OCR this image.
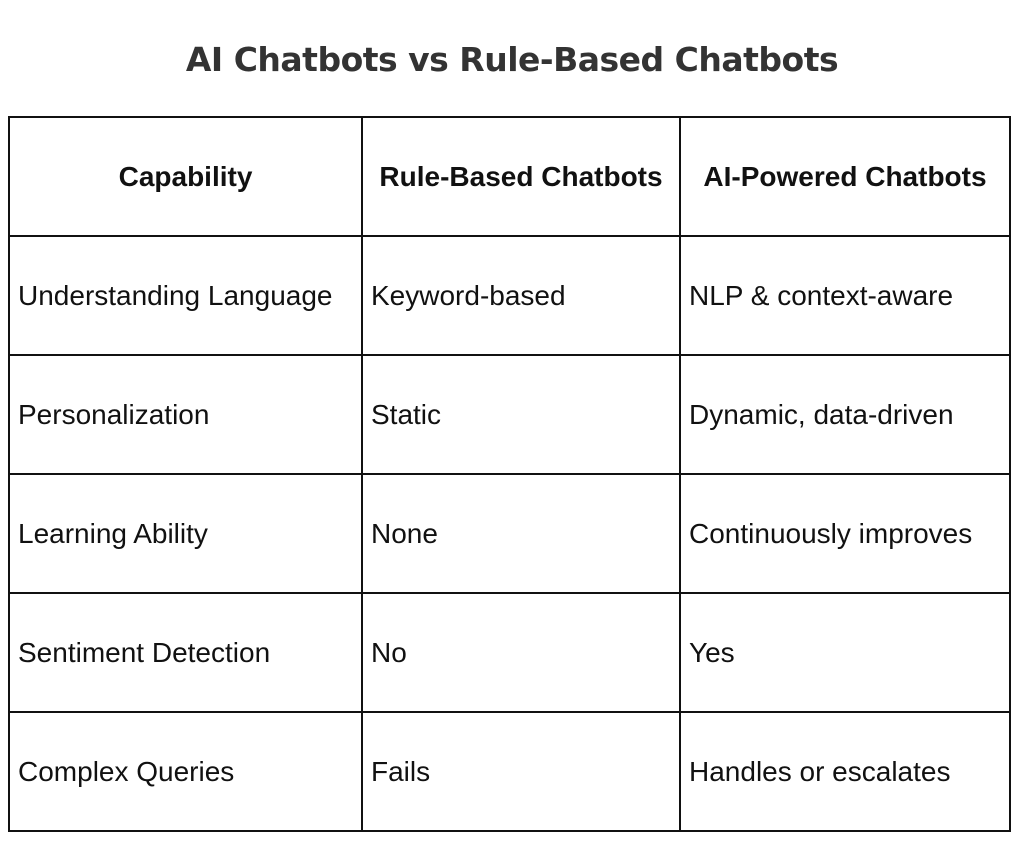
AI Chatbots vs Rule-Based Chatbots
Capability	Rule-Based Chatbots	AI-Powered Chatbots
Understanding Language	Keyword-based	NLP & context-aware
Personalization	Static	Dynamic, data-driven
Learning Ability	None	Continuously improves
Sentiment Detection	No	Yes
Complex Queries	Fails	Handles or escalates
